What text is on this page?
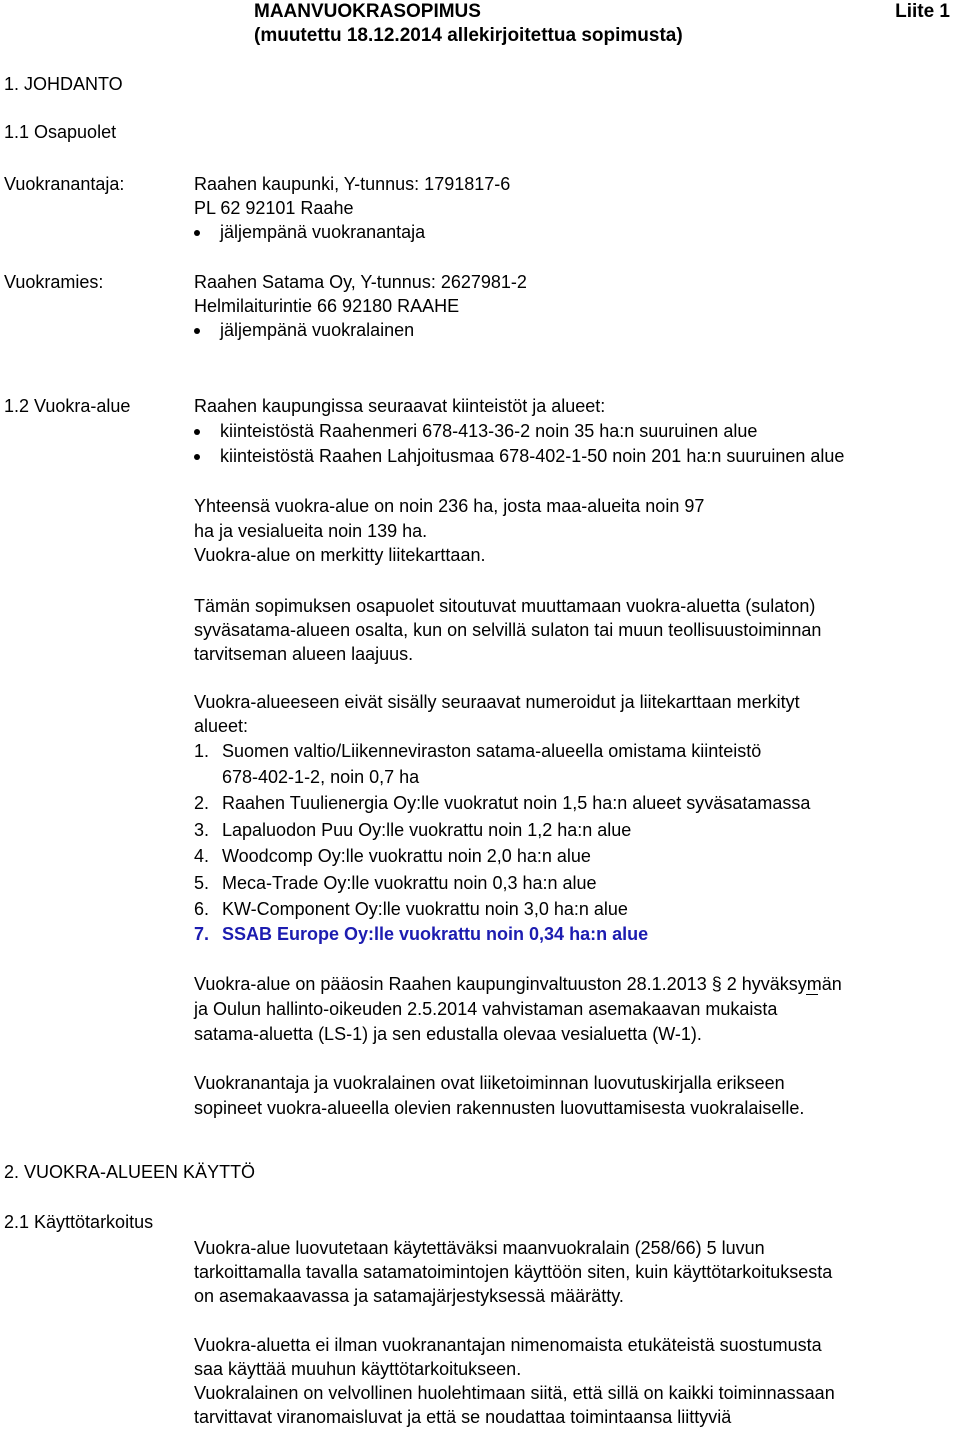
MAANVUOKRASOPIMUS
(muutettu 18.12.2014 allekirjoitettua sopimusta)
Liite 1
1. JOHDANTO
1.1 Osapuolet
Vuokranantaja:	Raahen kaupunki, Y-tunnus: 1791817-6
PL 62 92101 Raahe
jäljempänä vuokranantaja
Vuokramies:	Raahen Satama Oy, Y-tunnus: 2627981-2
Helmilaiturintie 66 92180 RAAHE
jäljempänä vuokralainen
1.2 Vuokra-alue	Raahen kaupungissa seuraavat kiinteistöt ja alueet:
kiinteistöstä Raahenmeri 678-413-36-2 noin 35 ha:n suuruinen alue
kiinteistöstä Raahen Lahjoitusmaa 678-402-1-50 noin 201 ha:n suuruinen alue
Yhteensä vuokra-alue on noin 236 ha, josta maa-alueita noin 97
ha ja vesialueita noin 139 ha.
Vuokra-alue on merkitty liitekarttaan.
Tämän sopimuksen osapuolet sitoutuvat muuttamaan vuokra-aluetta (sulaton)
syväsatama-alueen osalta, kun on selvillä sulaton tai muun teollisuustoiminnan
tarvitseman alueen laajuus.
Vuokra-alueeseen eivät sisälly seuraavat numeroidut ja liitekarttaan merkityt
alueet:
1. Suomen valtio/Liikenneviraston satama-alueella omistama kiinteistö
678-402-1-2, noin 0,7 ha
2. Raahen Tuulienergia Oy:lle vuokratut noin 1,5 ha:n alueet syväsatamassa
3. Lapaluodon Puu Oy:lle vuokrattu noin 1,2 ha:n alue
4. Woodcomp Oy:lle vuokrattu noin 2,0 ha:n alue
5. Meca-Trade Oy:lle vuokrattu noin 0,3 ha:n alue
6. KW-Component Oy:lle vuokrattu noin 3,0 ha:n alue
7. SSAB Europe Oy:lle vuokrattu noin 0,34 ha:n alue
Vuokra-alue on pääosin Raahen kaupunginvaltuuston 28.1.2013 § 2 hyväksymän
ja Oulun hallinto-oikeuden 2.5.2014 vahvistaman asemakaavan mukaista
satama-aluetta (LS-1) ja sen edustalla olevaa vesialuetta (W-1).
Vuokranantaja ja vuokralainen ovat liiketoiminnan luovutuskirjalla erikseen
sopineet vuokra-alueella olevien rakennusten luovuttamisesta vuokralaiselle.
2. VUOKRA-ALUEEN KÄYTTÖ
2.1 Käyttötarkoitus
Vuokra-alue luovutetaan käytettäväksi maanvuokralain (258/66) 5 luvun
tarkoittamalla tavalla satamatoimintojen käyttöön siten, kuin käyttötarkoituksesta
on asemakaavassa ja satamajärjestyksessä määrätty.
Vuokra-aluetta ei ilman vuokranantajan nimenomaista etukäteistä suostumusta
saa käyttää muuhun käyttötarkoitukseen.
Vuokralainen on velvollinen huolehtimaan siitä, että sillä on kaikki toiminnassaan
tarvittavat viranomaisluvat ja että se noudattaa toimintaansa liittyviä
